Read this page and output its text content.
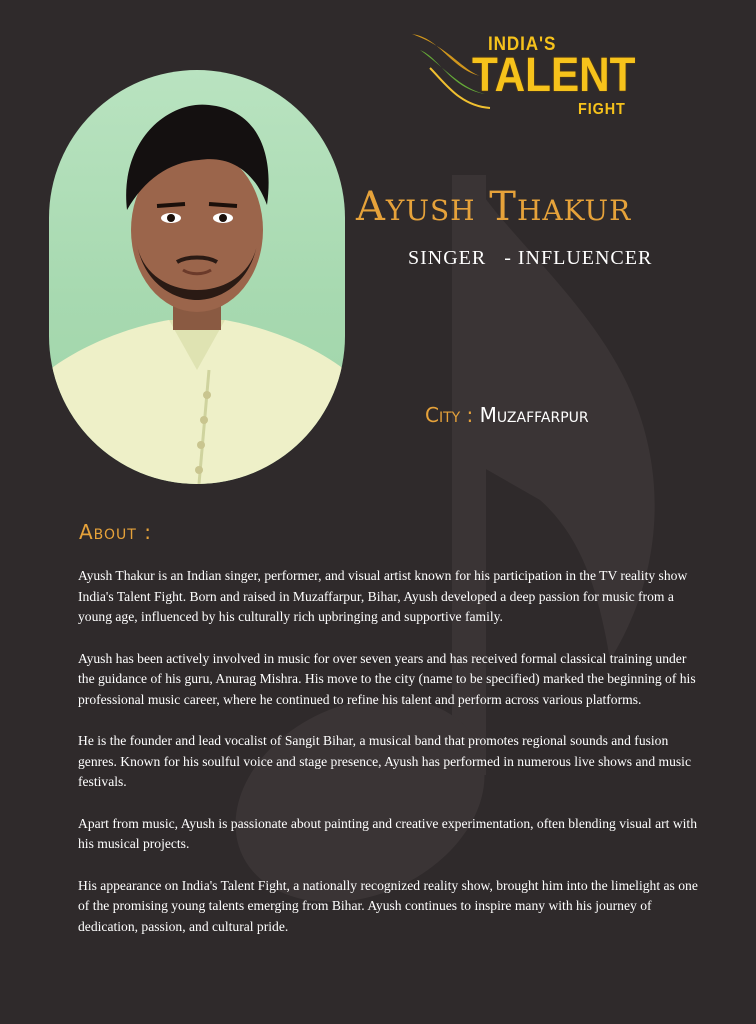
INDIA'S
TALENT
FIGHT
Ayush Thakur
SINGER   - INFLUENCER
City : Muzaffarpur
About :

Ayush Thakur is an Indian singer, performer, and visual artist known for his participation in the TV reality show India's Talent Fight. Born and raised in Muzaffarpur, Bihar, Ayush developed a deep passion for music from a young age, influenced by his culturally rich upbringing and supportive family.

Ayush has been actively involved in music for over seven years and has received formal classical training under the guidance of his guru, Anurag Mishra. His move to the city (name to be specified) marked the beginning of his professional music career, where he continued to refine his talent and perform across various platforms.

He is the founder and lead vocalist of Sangit Bihar, a musical band that promotes regional sounds and fusion genres. Known for his soulful voice and stage presence, Ayush has performed in numerous live shows and music festivals.

Apart from music, Ayush is passionate about painting and creative experimentation, often blending visual art with his musical projects.

His appearance on India's Talent Fight, a nationally recognized reality show, brought him into the limelight as one of the promising young talents emerging from Bihar. Ayush continues to inspire many with his journey of dedication, passion, and cultural pride.
